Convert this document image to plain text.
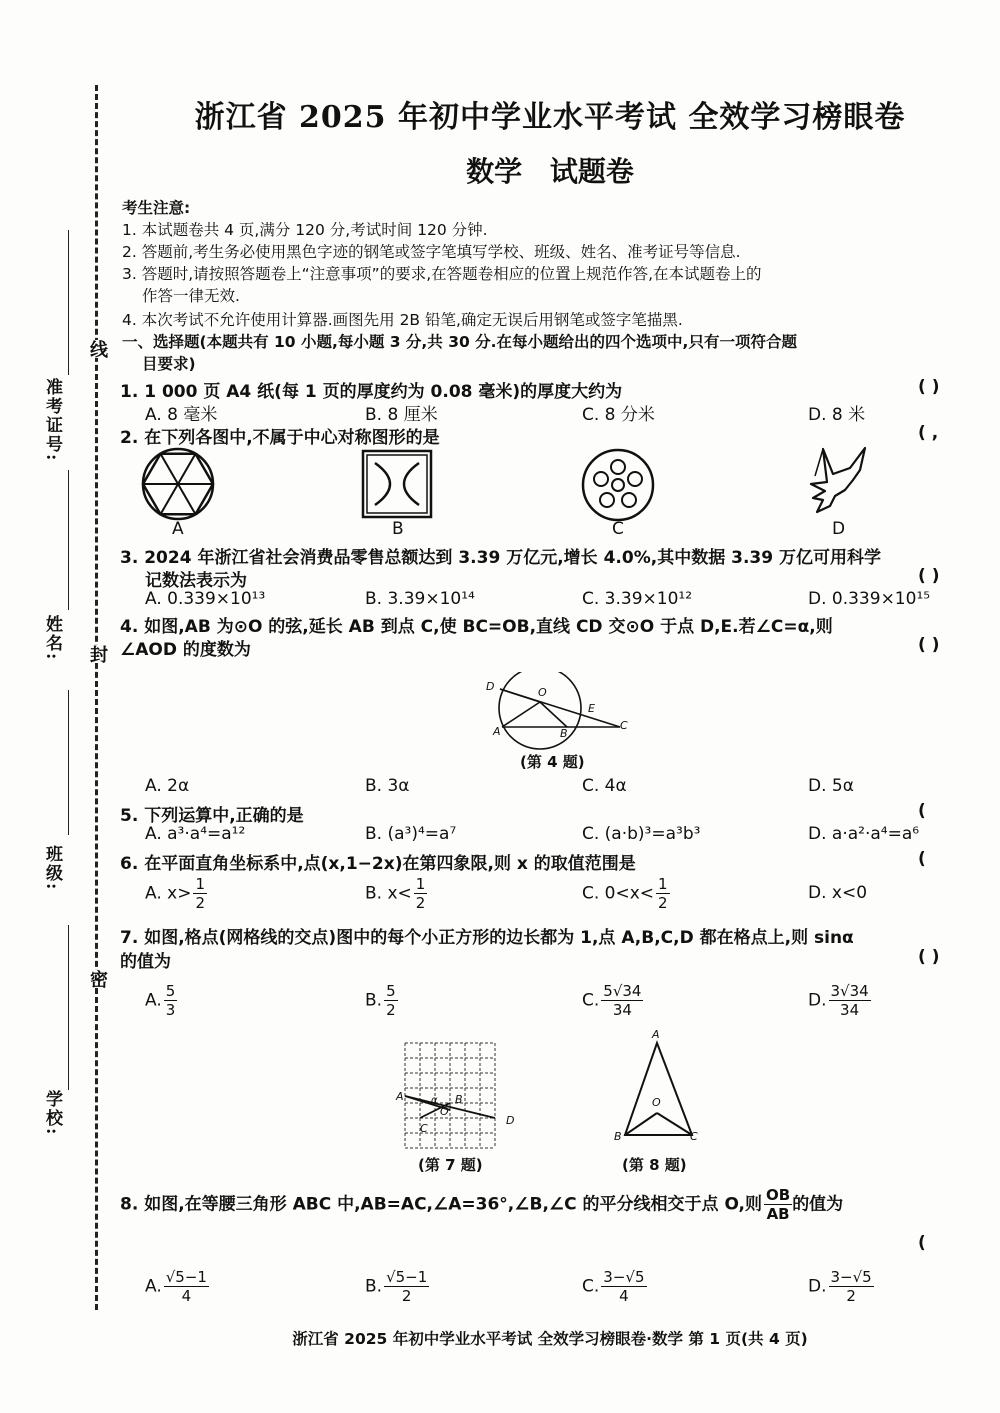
线
封
密
准考证号:
姓名:
班级:
学校:
浙江省 2025 年初中学业水平考试 全效学习榜眼卷
数学 试题卷
考生注意:
1. 本试题卷共 4 页,满分 120 分,考试时间 120 分钟.
2. 答题前,考生务必使用黑色字迹的钢笔或签字笔填写学校、班级、姓名、准考证号等信息.
3. 答题时,请按照答题卷上“注意事项”的要求,在答题卷相应的位置上规范作答,在本试题卷上的
作答一律无效.
4. 本次考试不允许使用计算器.画图先用 2B 铅笔,确定无误后用钢笔或签字笔描黑.
一、选择题(本题共有 10 小题,每小题 3 分,共 30 分.在每小题给出的四个选项中,只有一项符合题
目要求)
1. 1 000 页 A4 纸(每 1 页的厚度约为 0.08 毫米)的厚度大约为	( )
A. 8 毫米	B. 8 厘米	C. 8 分米	D. 8 米
2. 在下列各图中,不属于中心对称图形的是	( ,
A	B	C	D
3. 2024 年浙江省社会消费品零售总额达到 3.39 万亿元,增长 4.0%,其中数据 3.39 万亿可用科学
记数法表示为	( )
A. 0.339×10¹³	B. 3.39×10¹⁴	C. 3.39×10¹²	D. 0.339×10¹⁵
4. 如图,AB 为⊙O 的弦,延长 AB 到点 C,使 BC=OB,直线 CD 交⊙O 于点 D,E.若∠C=α,则
∠AOD 的度数为	( )
D	O
E
C
A	B
(第 4 题)
A. 2α	B. 3α	C. 4α	D. 5α
5. 下列运算中,正确的是	(
A. a³·a⁴=a¹²	B. (a³)⁴=a⁷	C. (a·b)³=a³b³	D. a·a²·a⁴=a⁶
6. 在平面直角坐标系中,点(x,1−2x)在第四象限,则 x 的取值范围是	(
A. $x> \frac{1}{2}$	B. $x< \frac{1}{2}$	C. $0<x< \frac{1}{2}$	D. x<0
7. 如图,格点(网格线的交点)图中的每个小正方形的边长都为 1,点 A,B,C,D 都在格点上,则 sinα
的值为	( )
A. $\frac{5}{3}$	B. $\frac{5}{2}$	C. $\frac{5√34}{34}$	D. $\frac{3√34}{34}$
A	B
C
D
O
α
(第 7 题)
A
O
B	C
(第 8 题)
8. 如图,在等腰三角形 ABC 中,AB=AC,∠A=36°,∠B,∠C 的平分线相交于点 O,则 $\frac{OB}{AB}$ 的值为
(
A. $\frac{√5-1}{4}$	B. $\frac{√5-1}{2}$	C. $\frac{3-√5}{4}$	D. $\frac{3-√5}{2}$
浙江省 2025 年初中学业水平考试 全效学习榜眼卷·数学 第 1 页(共 4 页)
